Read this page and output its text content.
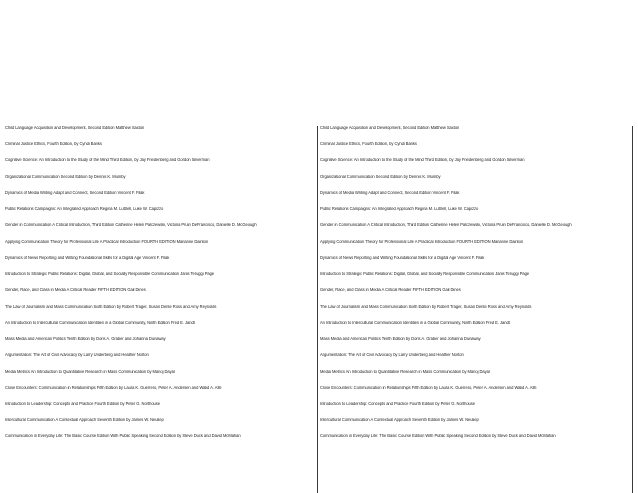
Child Language Acquisition and Development, Second Edition Matthew Saxton
Criminal Justice Ethics, Fourth Edition, by Cyndi Banks
Cognitive Science: An Introduction to the Study of the Mind Third Edition, by Jay Friedenberg and Gordon Silverman
Organizational Communication Second Edition by Dennis K. Mumby
Dynamics of Media Writing Adapt and Connect, Second Edition Vincent F. Filak
Public Relations Campaigns: An Integrated Approach Regina M. Luttrell, Luke W. Capizzo
Gender in Communication A Critical Introduction, Third Edition Catherine Helen Palczewski, Victoria Pruin DeFrancisco, Danielle D. McGeough
Applying Communication Theory for Professional Life A Practical Introduction FOURTH EDITION Marianne Dainton
Dynamics of News Reporting and Writing Foundational Skills for a Digital Age Vincent F. Filak
Introduction to Strategic Public Relations: Digital, Global, and Socially Responsible Communication Janis Teruggi Page
Gender, Race, and Class in Media A Critical Reader FIFTH EDITION Gail Dines
The Law of Journalism and Mass Communication Sixth Edition by Robert Trager, Susan Dente Ross and Amy Reynolds
An Introduction to Intercultural Communication Identities in a Global Community, Ninth Edition Fred E. Jandt
Mass Media and American Politics Tenth Edition by Doris A. Graber and Johanna Dunaway
Argumentation: The Art of Civil Advocacy by Larry Underberg and Heather Norton
Media Metrics An Introduction to Quantitative Research in Mass Communication by Manoj Dayal
Close Encounters: Communication in Relationships Fifth Edition by Laura K. Guerrero, Peter A. Andersen and Walid A. Afifi
Introduction to Leadership: Concepts and Practice Fourth Edition by Peter G. Northouse
Intercultural Communication A Contextual Approach Seventh Edition by James W. Neuliep
Communication in Everyday Life: The Basic Course Edition With Public Speaking Second Edition by Steve Duck and David McMahan
Child Language Acquisition and Development, Second Edition Matthew Saxton
Criminal Justice Ethics, Fourth Edition, by Cyndi Banks
Cognitive Science: An Introduction to the Study of the Mind Third Edition, by Jay Friedenberg and Gordon Silverman
Organizational Communication Second Edition by Dennis K. Mumby
Dynamics of Media Writing Adapt and Connect, Second Edition Vincent F. Filak
Public Relations Campaigns: An Integrated Approach Regina M. Luttrell, Luke W. Capizzo
Gender in Communication A Critical Introduction, Third Edition Catherine Helen Palczewski, Victoria Pruin DeFrancisco, Danielle D. McGeough
Applying Communication Theory for Professional Life A Practical Introduction FOURTH EDITION Marianne Dainton
Dynamics of News Reporting and Writing Foundational Skills for a Digital Age Vincent F. Filak
Introduction to Strategic Public Relations: Digital, Global, and Socially Responsible Communication Janis Teruggi Page
Gender, Race, and Class in Media A Critical Reader FIFTH EDITION Gail Dines
The Law of Journalism and Mass Communication Sixth Edition by Robert Trager, Susan Dente Ross and Amy Reynolds
An Introduction to Intercultural Communication Identities in a Global Community, Ninth Edition Fred E. Jandt
Mass Media and American Politics Tenth Edition by Doris A. Graber and Johanna Dunaway
Argumentation: The Art of Civil Advocacy by Larry Underberg and Heather Norton
Media Metrics An Introduction to Quantitative Research in Mass Communication by Manoj Dayal
Close Encounters: Communication in Relationships Fifth Edition by Laura K. Guerrero, Peter A. Andersen and Walid A. Afifi
Introduction to Leadership: Concepts and Practice Fourth Edition by Peter G. Northouse
Intercultural Communication A Contextual Approach Seventh Edition by James W. Neuliep
Communication in Everyday Life: The Basic Course Edition With Public Speaking Second Edition by Steve Duck and David McMahan
